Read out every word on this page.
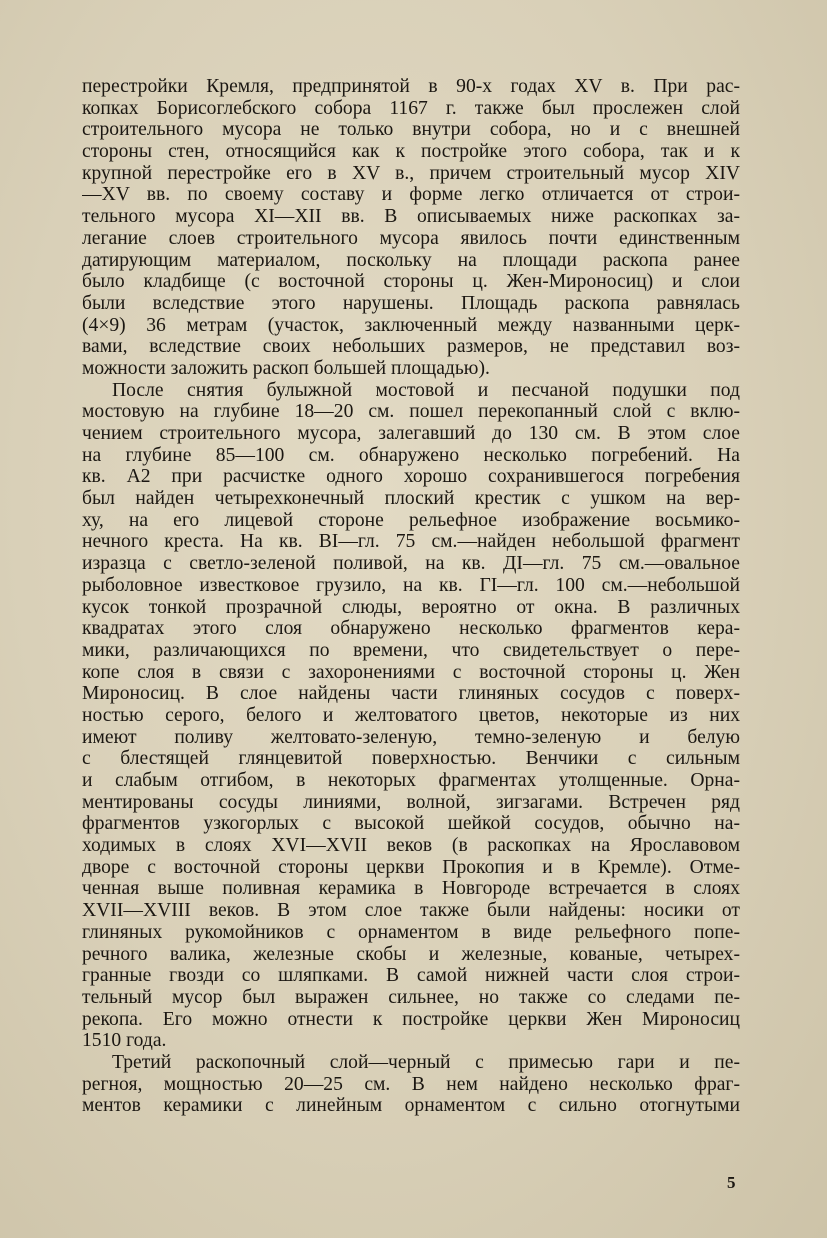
перестройки Кремля, предпринятой в 90-х годах XV в. При рас-
копках Борисоглебского собора 1167 г. также был прослежен слой
строительного мусора не только внутри собора, но и с внешней
стороны стен, относящийся как к постройке этого собора, так и к
крупной перестройке его в XV в., причем строительный мусор XIV
—XV вв. по своему составу и форме легко отличается от строи-
тельного мусора XI—XII вв. В описываемых ниже раскопках за-
легание слоев строительного мусора явилось почти единственным
датирующим материалом, поскольку на площади раскопа ранее
было кладбище (с восточной стороны ц. Жен-Мироносиц) и слои
были вследствие этого нарушены. Площадь раскопа равнялась
(4×9) 36 метрам (участок, заключенный между названными церк-
вами, вследствие своих небольших размеров, не представил воз-
можности заложить раскоп большей площадью).
После снятия булыжной мостовой и песчаной подушки под
мостовую на глубине 18—20 см. пошел перекопанный слой с вклю-
чением строительного мусора, залегавший до 130 см. В этом слое
на глубине 85—100 см. обнаружено несколько погребений. На
кв. А2 при расчистке одного хорошо сохранившегося погребения
был найден четырехконечный плоский крестик с ушком на вер-
ху, на его лицевой стороне рельефное изображение восьмико-
нечного креста. На кв. ВI—гл. 75 см.—найден небольшой фрагмент
изразца с светло-зеленой поливой, на кв. ДI—гл. 75 см.—овальное
рыболовное известковое грузило, на кв. ГI—гл. 100 см.—небольшой
кусок тонкой прозрачной слюды, вероятно от окна. В различных
квадратах этого слоя обнаружено несколько фрагментов кера-
мики, различающихся по времени, что свидетельствует о пере-
копе слоя в связи с захоронениями с восточной стороны ц. Жен
Мироносиц. В слое найдены части глиняных сосудов с поверх-
ностью серого, белого и желтоватого цветов, некоторые из них
имеют поливу желтовато-зеленую, темно-зеленую и белую
с блестящей глянцевитой поверхностью. Венчики с сильным
и слабым отгибом, в некоторых фрагментах утолщенные. Орна-
ментированы сосуды линиями, волной, зигзагами. Встречен ряд
фрагментов узкогорлых с высокой шейкой сосудов, обычно на-
ходимых в слоях XVI—XVII веков (в раскопках на Ярославовом
дворе с восточной стороны церкви Прокопия и в Кремле). Отме-
ченная выше поливная керамика в Новгороде встречается в слоях
XVII—XVIII веков. В этом слое также были найдены: носики от
глиняных рукомойников с орнаментом в виде рельефного попе-
речного валика, железные скобы и железные, кованые, четырех-
гранные гвозди со шляпками. В самой нижней части слоя строи-
тельный мусор был выражен сильнее, но также со следами пе-
рекопа. Его можно отнести к постройке церкви Жен Мироносиц
1510 года.
Третий раскопочный слой—черный с примесью гари и пе-
регноя, мощностью 20—25 см. В нем найдено несколько фраг-
ментов керамики с линейным орнаментом с сильно отогнутыми
5
